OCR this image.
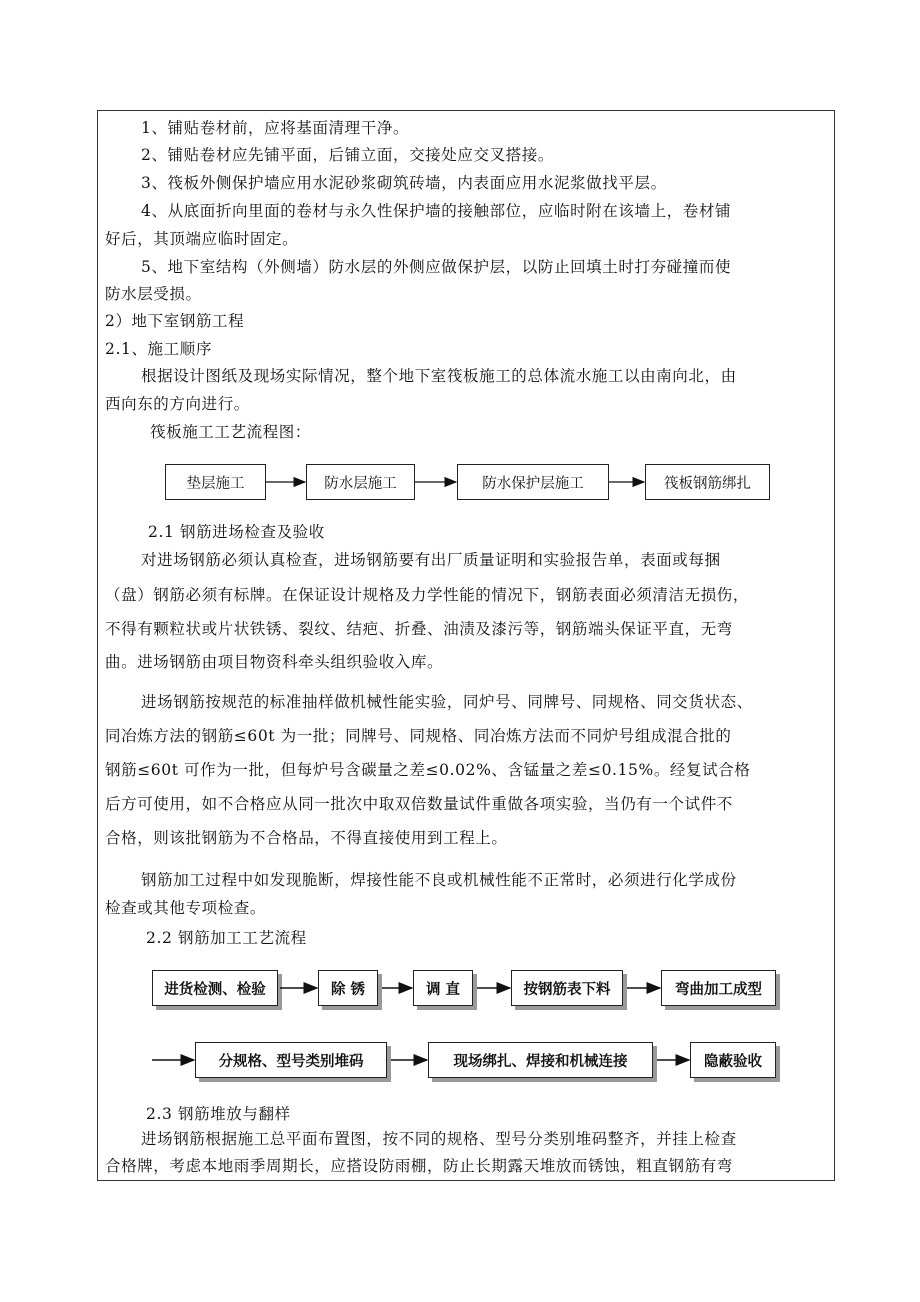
1、铺贴卷材前，应将基面清理干净。
2、铺贴卷材应先铺平面，后铺立面，交接处应交叉搭接。
3、筏板外侧保护墙应用水泥砂浆砌筑砖墙，内表面应用水泥浆做找平层。
4、从底面折向里面的卷材与永久性保护墙的接触部位，应临时附在该墙上，卷材铺
好后，其顶端应临时固定。
5、地下室结构（外侧墙）防水层的外侧应做保护层，以防止回填土时打夯碰撞而使
防水层受损。
2）地下室钢筋工程
2.1、施工顺序
根据设计图纸及现场实际情况，整个地下室筏板施工的总体流水施工以由南向北，由
西向东的方向进行。
筏板施工工艺流程图：
垫层施工	防水层施工	防水保护层施工	筏板钢筋绑扎
2.1 钢筋进场检查及验收
对进场钢筋必须认真检查，进场钢筋要有出厂质量证明和实验报告单，表面或每捆
（盘）钢筋必须有标牌。在保证设计规格及力学性能的情况下，钢筋表面必须清洁无损伤，
不得有颗粒状或片状铁锈、裂纹、结疤、折叠、油渍及漆污等，钢筋端头保证平直，无弯
曲。进场钢筋由项目物资科牵头组织验收入库。
进场钢筋按规范的标准抽样做机械性能实验，同炉号、同牌号、同规格、同交货状态、
同冶炼方法的钢筋≤60t 为一批；同牌号、同规格、同冶炼方法而不同炉号组成混合批的
钢筋≤60t 可作为一批，但每炉号含碳量之差≤0.02%、含锰量之差≤0.15%。经复试合格
后方可使用，如不合格应从同一批次中取双倍数量试件重做各项实验，当仍有一个试件不
合格，则该批钢筋为不合格品，不得直接使用到工程上。
钢筋加工过程中如发现脆断，焊接性能不良或机械性能不正常时，必须进行化学成份
检查或其他专项检查。
2.2 钢筋加工工艺流程
进货检测、检验	除 锈	调 直	按钢筋表下料	弯曲加工成型
分规格、型号类别堆码	现场绑扎、焊接和机械连接	隐蔽验收
2.3 钢筋堆放与翻样
进场钢筋根据施工总平面布置图，按不同的规格、型号分类别堆码整齐，并挂上检查
合格牌，考虑本地雨季周期长，应搭设防雨棚，防止长期露天堆放而锈蚀，粗直钢筋有弯
